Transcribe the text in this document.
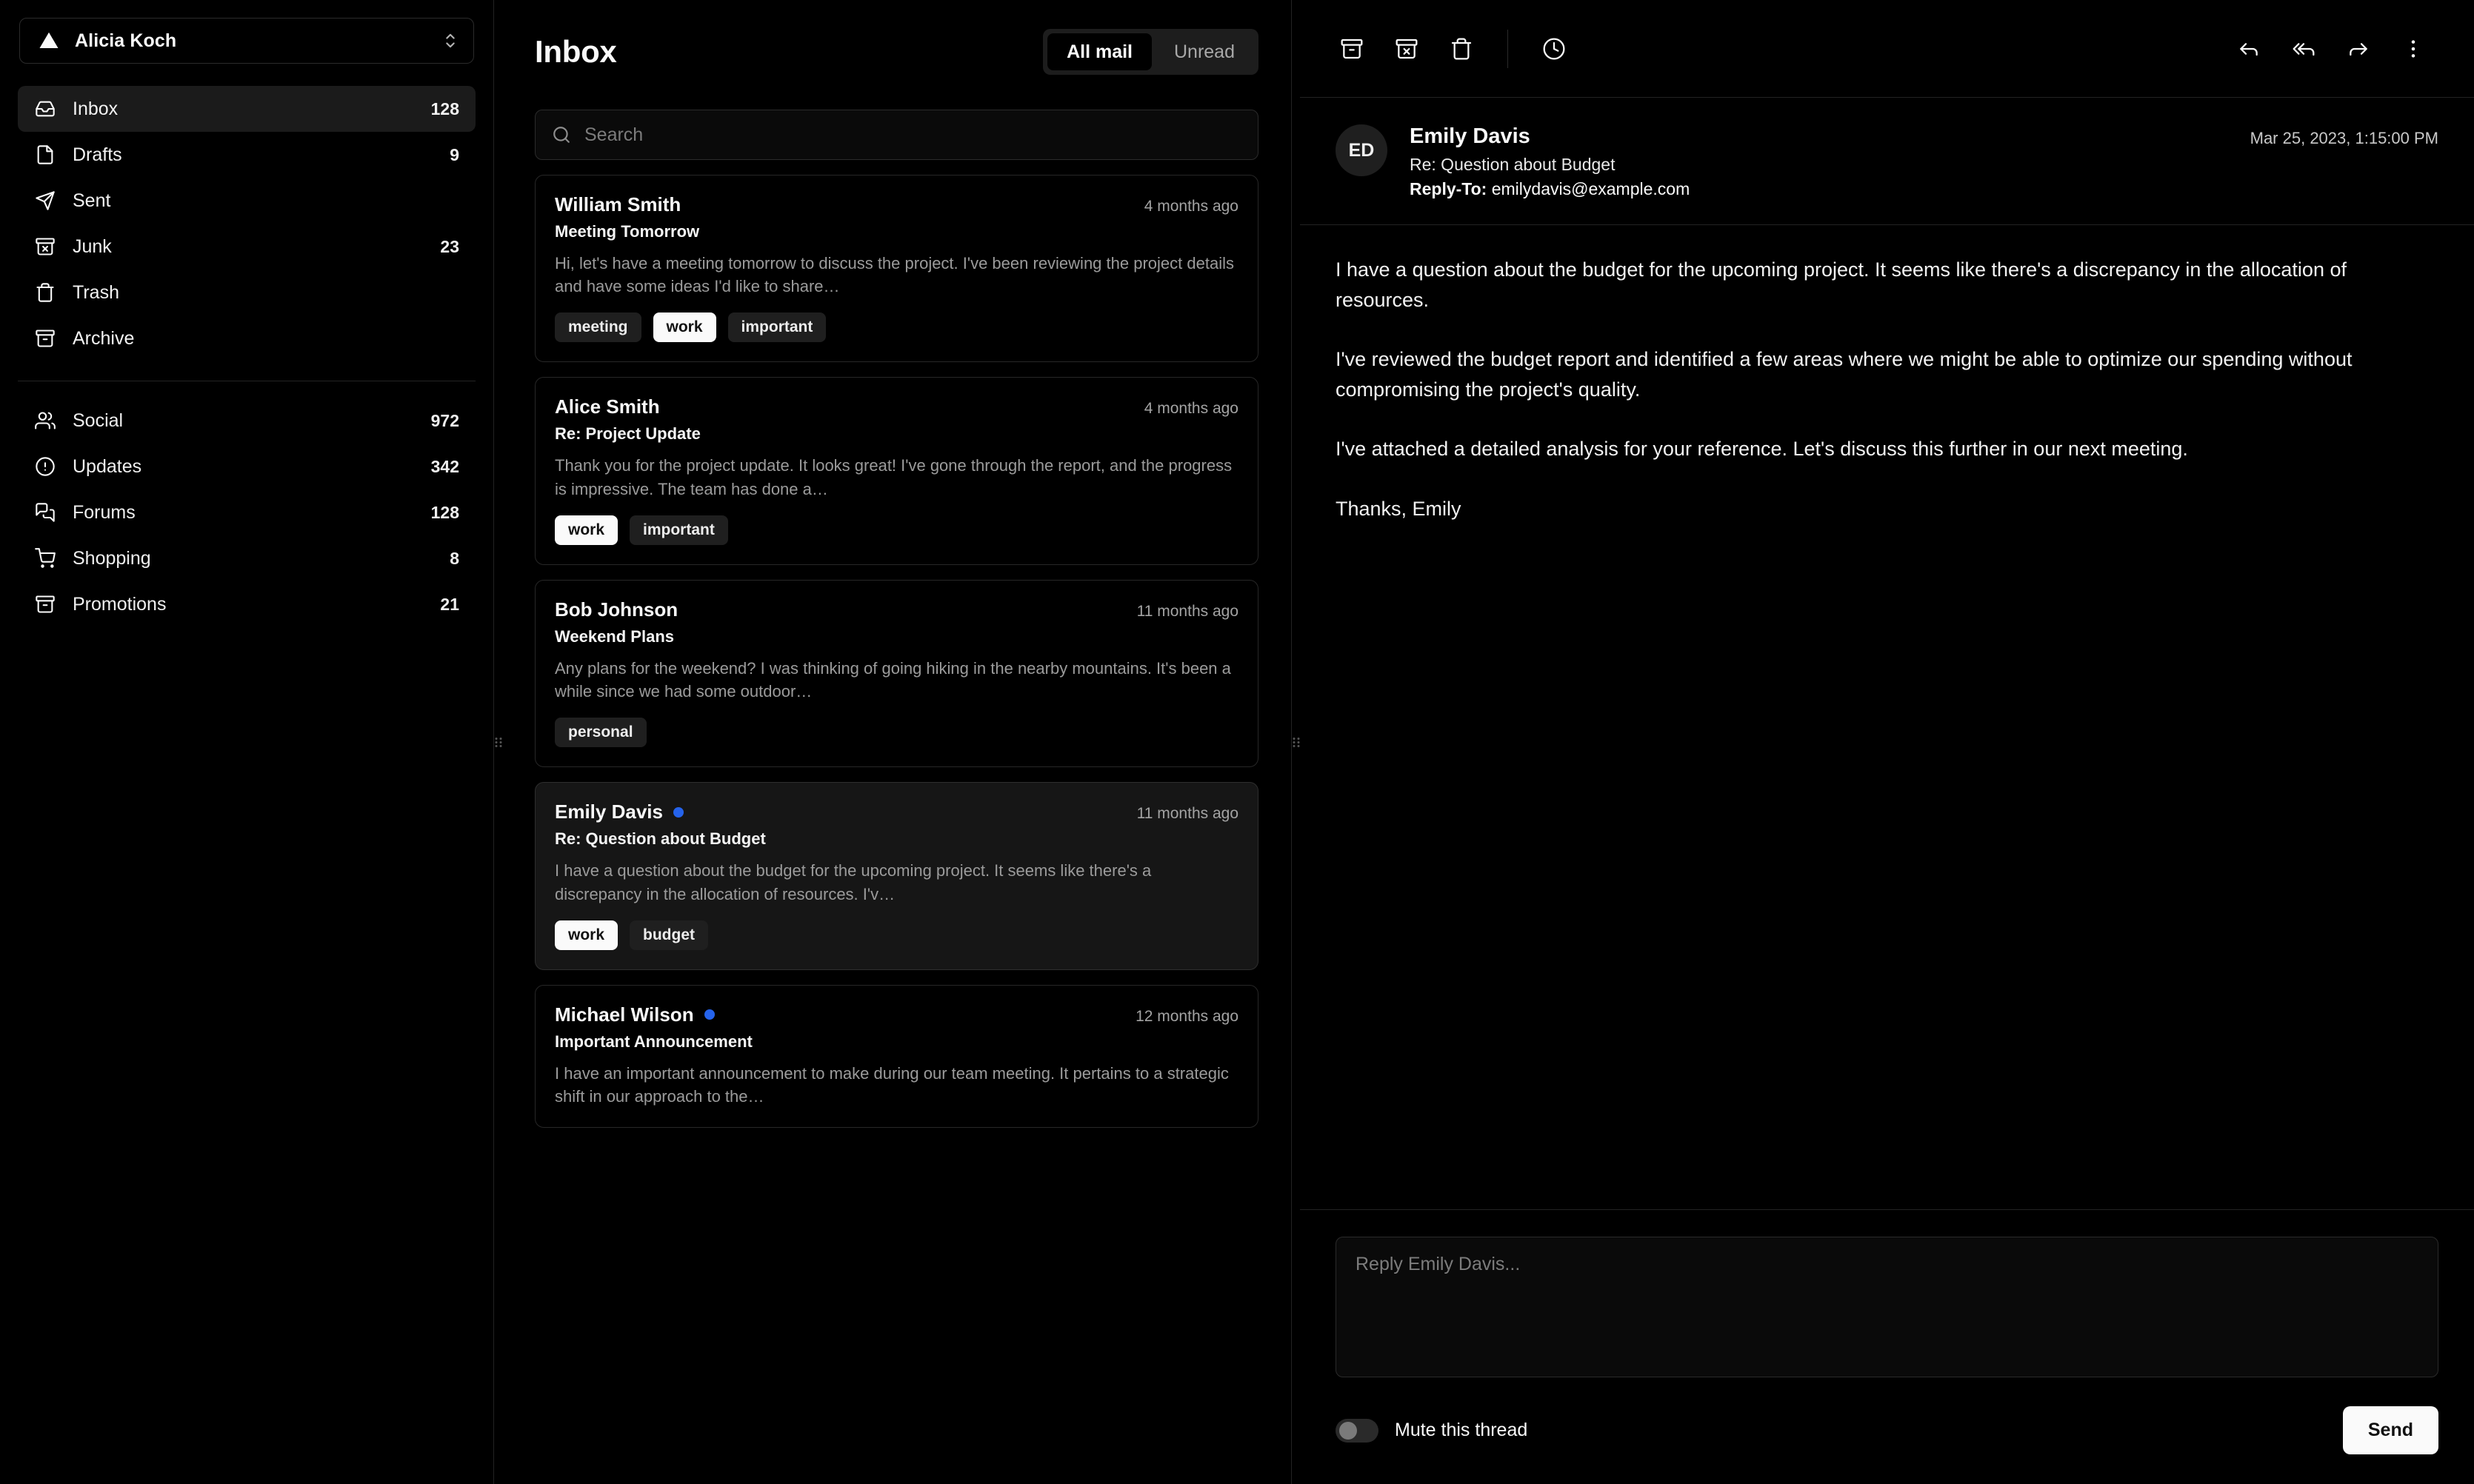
Alicia Koch
Inbox	128
Drafts	9
Sent
Junk	23
Trash
Archive
Social	972
Updates	342
Forums	128
Shopping	8
Promotions	21
Inbox	All mail	Unread
Search
William Smith	4 months ago
Meeting Tomorrow
Hi, let's have a meeting tomorrow to discuss the project. I've been reviewing the project details and have some ideas I'd like to share…
meeting	work	important
Alice Smith	4 months ago
Re: Project Update
Thank you for the project update. It looks great! I've gone through the report, and the progress is impressive. The team has done a…
work	important
Bob Johnson	11 months ago
Weekend Plans
Any plans for the weekend? I was thinking of going hiking in the nearby mountains. It's been a while since we had some outdoor…
personal
Emily Davis	11 months ago
Re: Question about Budget
I have a question about the budget for the upcoming project. It seems like there's a discrepancy in the allocation of resources. I'v…
work	budget
Michael Wilson	12 months ago
Important Announcement
I have an important announcement to make during our team meeting. It pertains to a strategic shift in our approach to the…
ED
Emily Davis
Re: Question about Budget
Reply-To: emilydavis@example.com
Mar 25, 2023, 1:15:00 PM

I have a question about the budget for the upcoming project. It seems like there's a discrepancy in the allocation of resources.

I've reviewed the budget report and identified a few areas where we might be able to optimize our spending without compromising the project's quality.

I've attached a detailed analysis for your reference. Let's discuss this further in our next meeting.

Thanks, Emily

Reply Emily Davis...
Mute this thread	Send
